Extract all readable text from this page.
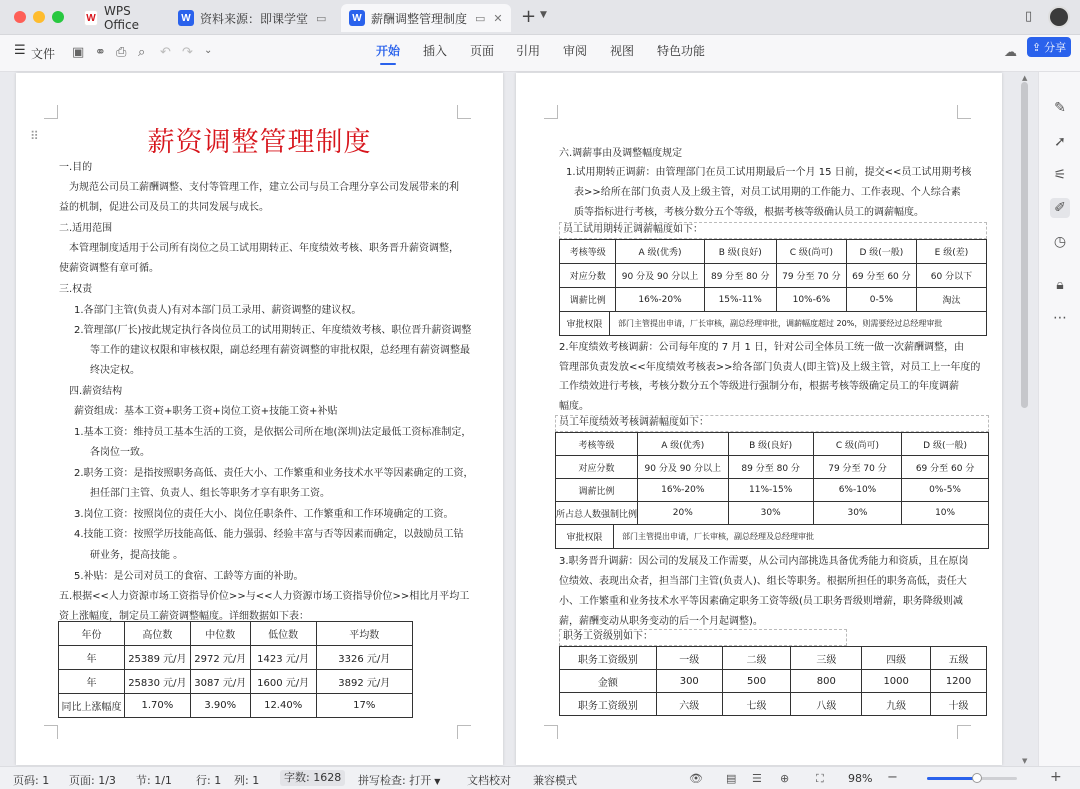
W WPS Office	W 资料来源：即课学堂 ▭	W 薪酬调整管理制度 ▭ ✕ + ▼	▯
☰ 文件 ▣ ⚭ ⎙ ⌕ ↶ ↷ ⌄	开始 插入 页面 引用 审阅 视图 特色功能	☁ ⇪ 分享
⠿	薪资调整管理制度
一.目的
为规范公司员工薪酬调整、支付等管理工作，建立公司与员工合理分享公司发展带来的利
益的机制，促进公司及员工的共同发展与成长。
二.适用范围
本管理制度适用于公司所有岗位之员工试用期转正、年度绩效考核、职务晋升薪资调整，
使薪资调整有章可循。
三.权责
1.各部门主管(负责人)有对本部门员工录用、薪资调整的建议权。
2.管理部(厂长)按此规定执行各岗位员工的试用期转正、年度绩效考核、职位晋升薪资调整
等工作的建议权限和审核权限，副总经理有薪资调整的审批权限，总经理有薪资调整最
终决定权。
四.薪资结构
薪资组成：基本工资+职务工资+岗位工资+技能工资+补贴
1.基本工资：维持员工基本生活的工资，是依据公司所在地(深圳)法定最低工资标准制定，
各岗位一致。
2.职务工资：是指按照职务高低、责任大小、工作繁重和业务技术水平等因素确定的工资，
担任部门主管、负责人、组长等职务才享有职务工资。
3.岗位工资：按照岗位的责任大小、岗位任职条件、工作繁重和工作环境确定的工资。
4.技能工资：按照学历技能高低、能力强弱、经验丰富与否等因素而确定，以鼓励员工钻
研业务，提高技能 。
5.补贴：是公司对员工的食宿、工龄等方面的补助。
五.根据<<人力资源市场工资指导价位>>与<<人力资源市场工资指导价位>>相比月平均工
资上涨幅度，制定员工薪资调整幅度。详细数据如下表：
年份	高位数	中位数	低位数	平均数
年	25389 元/月	2972 元/月	1423 元/月	3326 元/月
年	25830 元/月	3087 元/月	1600 元/月	3892 元/月
同比上涨幅度	1.70%	3.90%	12.40%	17%
六.调薪事由及调整幅度规定
1.试用期转正调薪：由管理部门在员工试用期最后一个月 15 日前，提交<<员工试用期考核
表>>给所在部门负责人及上级主管，对员工试用期的工作能力、工作表现、个人综合素
质等指标进行考核，考核分数分五个等级，根据考核等级确认员工的调薪幅度。
员工试用期转正调薪幅度如下：
考核等级	A 级(优秀)	B 级(良好)	C 级(尚可)	D 级(一般)	E 级(差)
对应分数	90 分及 90 分以上	89 分至 80 分	79 分至 70 分	69 分至 60 分	60 分以下
调薪比例	16%-20%	15%-11%	10%-6%	0-5%	淘汰
审批权限	部门主管提出申请，厂长审核，副总经理审批，调薪幅度超过 20%，则需要经过总经理审批
2.年度绩效考核调薪：公司每年度的 7 月 1 日，针对公司全体员工统一做一次薪酬调整，由
管理部负责发放<<年度绩效考核表>>给各部门负责人(即主管)及上级主管，对员工上一年度的
工作绩效进行考核，考核分数分五个等级进行强制分布，根据考核等级确定员工的年度调薪
幅度。
员工年度绩效考核调薪幅度如下：
考核等级	A 级(优秀)	B 级(良好)	C 级(尚可)	D 级(一般)
对应分数	90 分及 90 分以上	89 分至 80 分	79 分至 70 分	69 分至 60 分
调薪比例	16%-20%	11%-15%	6%-10%	0%-5%
所占总人数强制比例	20%	30%	30%	10%
审批权限	部门主管提出申请，厂长审核，副总经理及总经理审批
3.职务晋升调薪：因公司的发展及工作需要，从公司内部挑选具备优秀能力和资质，且在原岗
位绩效、表现出众者，担当部门主管(负责人)、组长等职务。根据所担任的职务高低，责任大
小、工作繁重和业务技术水平等因素确定职务工资等级(员工职务晋级则增薪，职务降级则减
薪，薪酬变动从职务变动的后一个月起调整)。
职务工资级别如下：
职务工资级别	一级	二级	三级	四级	五级
金额	300	500	800	1000	1200
职务工资级别	六级	七级	八级	九级	十级
▲
▼
✎
➚
⚟
✐
◷
🔒︎
⋯
页码: 1 页面: 1/3 节: 1/1 行: 1 列: 1	字数: 1628	拼写检查: 打开 ▼ 文档校对 兼容模式	👁︎ ▤ ☰ ⊕ ⛶ 98% −	+
